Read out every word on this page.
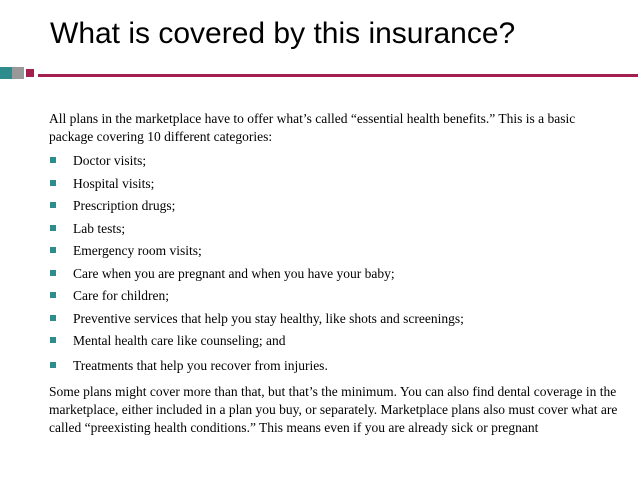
What is covered by this insurance?

All plans in the marketplace have to offer what’s called “essential health benefits.” This is a basic package covering 10 different categories:

Doctor visits;
Hospital visits;
Prescription drugs;
Lab tests;
Emergency room visits;
Care when you are pregnant and when you have your baby;
Care for children;
Preventive services that help you stay healthy, like shots and screenings;
Mental health care like counseling; and
Treatments that help you recover from injuries.

Some plans might cover more than that, but that’s the minimum. You can also find dental coverage in the marketplace, either included in a plan you buy, or separately. Marketplace plans also must cover what are called “preexisting health conditions.” This means even if you are already sick or pregnant
